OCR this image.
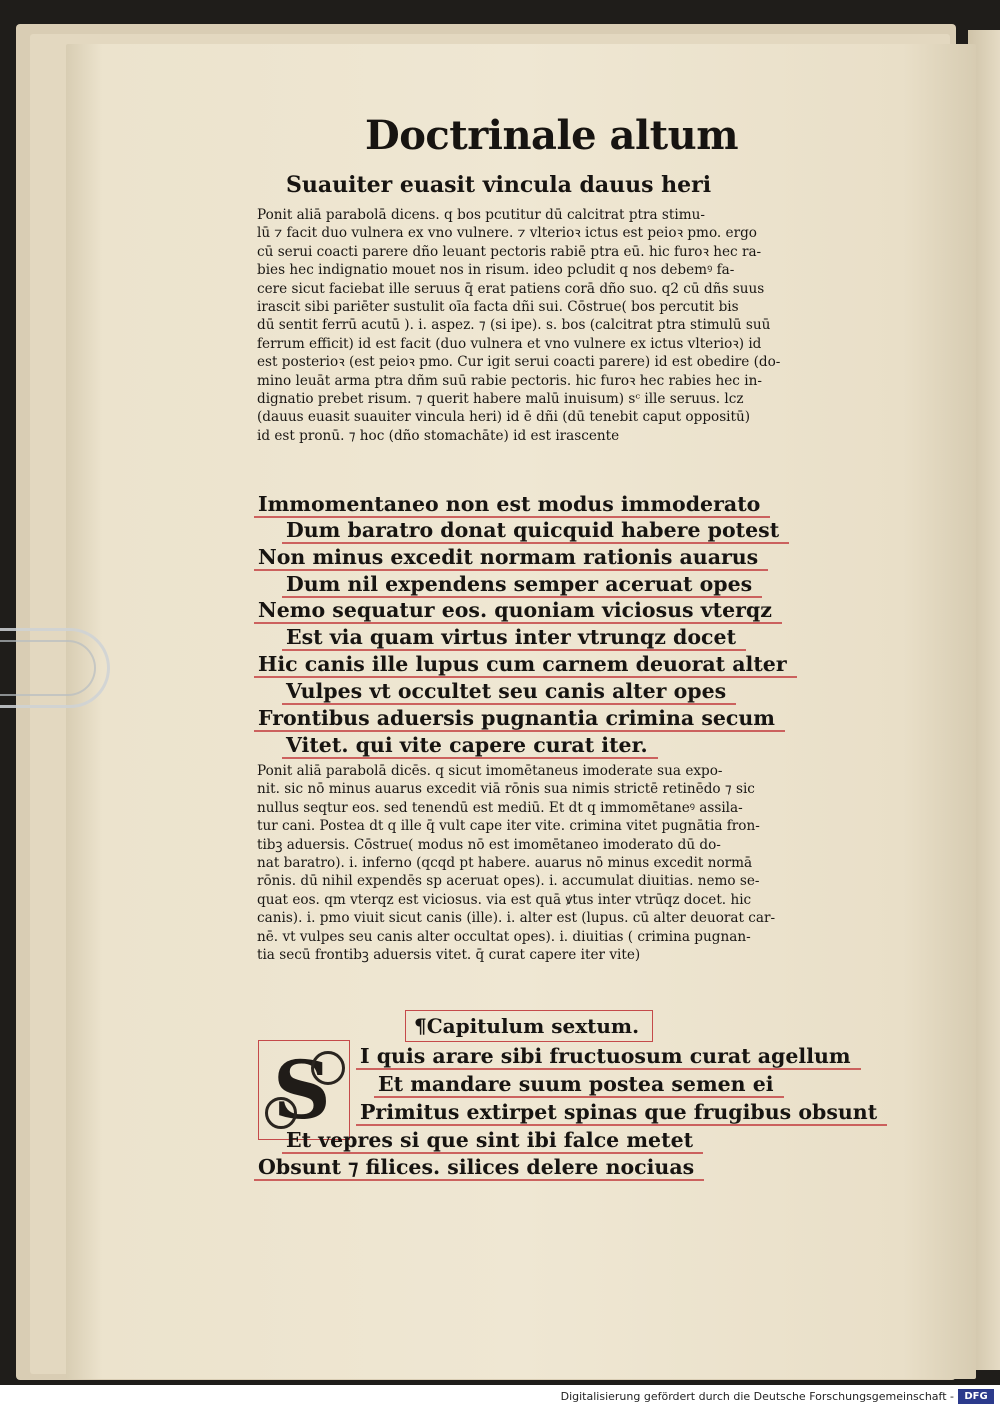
Doctrinale altum
Suauiter euasit vincula dauus heri
Ponit aliā parabolā dicens. q bos pcutitur dū calcitrat ptra stimu-
lū ⁊ facit duo vulnera ex vno vulnere. ⁊ vlterioꝛ ictus est peioꝛ pmo. ergo
cū serui coacti parere dño leuant pectoris rabiē ptra eū. hic furoꝛ hec ra-
bies hec indignatio mouet nos in risum. ideo pcludit q nos debemꝰ fa-
cere sicut faciebat ille seruus q̄ erat patiens corā dño suo. q2 cū dñs suus
irascit sibi pariēter sustulit oīa facta dñi sui. Cōstrue( bos percutit bis
dū sentit ferrū acutū ). i. aspez. ⁊ (si ipe). s. bos (calcitrat ptra stimulū suū
ferrum efficit) id est facit (duo vulnera et vno vulnere ex ictus vlterioꝛ) id
est posterioꝛ (est peioꝛ pmo. Cur igit serui coacti parere) id est obedire (do-
mino leuāt arma ptra dñm suū rabie pectoris. hic furoꝛ hec rabies hec in-
dignatio prebet risum. ⁊ querit habere malū inuisum) sᶜ ille seruus. lcz
(dauus euasit suauiter vincula heri) id ē dñi (dū tenebit caput oppositū)
id est pronū. ⁊ hoc (dño stomachāte) id est irascente
Immomentaneo non est modus immoderato
Dum baratro donat quicquid habere potest
Non minus excedit normam rationis auarus
Dum nil expendens semper aceruat opes
Nemo sequatur eos. quoniam viciosus vterqz
Est via quam virtus inter vtrunqz docet
Hic canis ille lupus cum carnem deuorat alter
Vulpes vt occultet seu canis alter opes
Frontibus aduersis pugnantia crimina secum
Vitet. qui vite capere curat iter.
Ponit aliā parabolā dicēs. q sicut imomētaneus imoderate sua expo-
nit. sic nō minus auarus excedit viā rōnis sua nimis strictē retinēdo ⁊ sic
nullus seqtur eos. sed tenendū est mediū. Et dt q immomētaneꝰ assila-
tur cani. Postea dt q ille q̄ vult cape iter vite. crimina vitet pugnātia fron-
tibꝫ aduersis. Cōstrue( modus nō est imomētaneo imoderato dū do-
nat baratro). i. inferno (qcqd pt habere. auarus nō minus excedit normā
rōnis. dū nihil expendēs sp aceruat opes). i. accumulat diuitias. nemo se-
quat eos. qm vterqz est viciosus. via est quā ꝟtus inter vtrūqz docet. hic
canis). i. pmo viuit sicut canis (ille). i. alter est (lupus. cū alter deuorat car-
nē. vt vulpes seu canis alter occultat opes). i. diuitias ( crimina pugnan-
tia secū frontibꝫ aduersis vitet. q̄ curat capere iter vite)
¶Capitulum sextum.
S I quis arare sibi fructuosum curat agellum
Et mandare suum postea semen ei
Primitus extirpet spinas que frugibus obsunt
Et vepres si que sint ibi falce metet
Obsunt ⁊ filices. silices delere nociuas
Digitalisierung gefördert durch die Deutsche Forschungsgemeinschaft -	DFG
